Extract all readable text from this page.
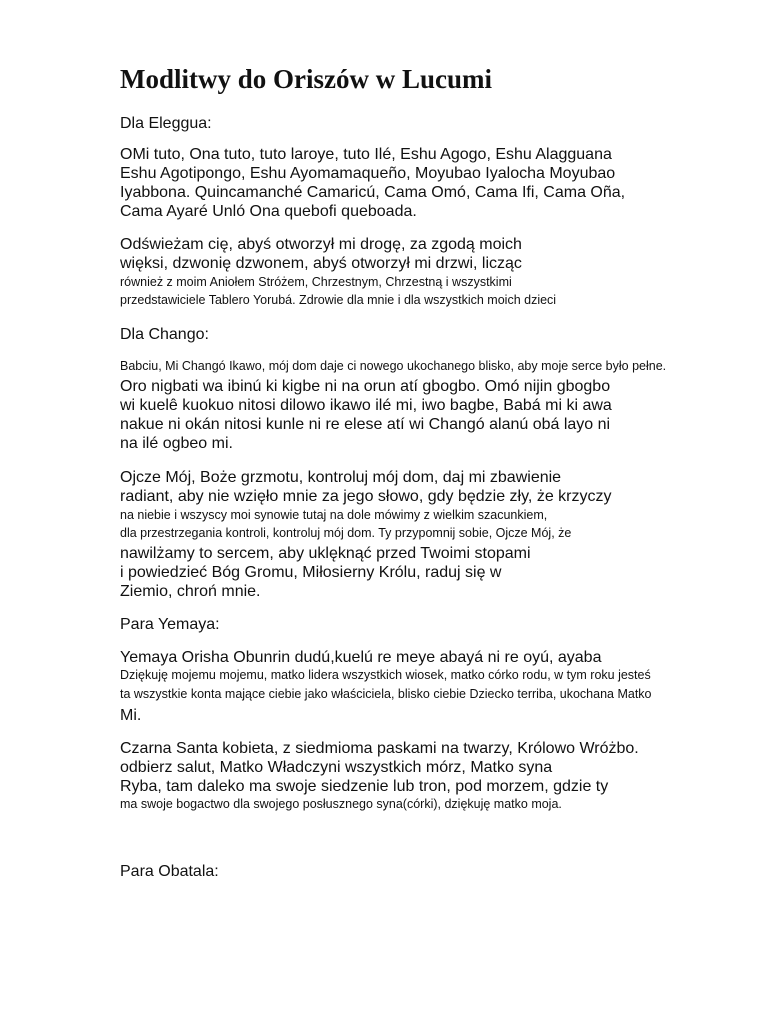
Modlitwy do Oriszów w Lucumi
Dla Eleggua:
OMi tuto, Ona tuto, tuto laroye, tuto Ilé, Eshu Agogo, Eshu Alagguana
Eshu Agotipongo, Eshu Ayomamaqueño, Moyubao Iyalocha Moyubao
Iyabbona. Quincamanché Camaricú, Cama Omó, Cama Ifi, Cama Oña,
Cama Ayaré Unló Ona quebofi queboada.
Odświeżam cię, abyś otworzył mi drogę, za zgodą moich
więksi, dzwonię dzwonem, abyś otworzył mi drzwi, licząc
również z moim Aniołem Stróżem, Chrzestnym, Chrzestną i wszystkimi
przedstawiciele Tablero Yorubá. Zdrowie dla mnie i dla wszystkich moich dzieci
Dla Chango:
Babciu, Mi Changó Ikawo, mój dom daje ci nowego ukochanego blisko, aby moje serce było pełne.
Oro nigbati wa ibinú ki kigbe ni na orun atí gbogbo. Omó nijin gbogbo
wi kuelê kuokuo nitosi dilowo ikawo ilé mi, iwo bagbe, Babá mi ki awa
nakue ni okán nitosi kunle ni re elese atí wi Changó alanú obá layo ni
na ilé ogbeo mi.
Ojcze Mój, Boże grzmotu, kontroluj mój dom, daj mi zbawienie
radiant, aby nie wzięło mnie za jego słowo, gdy będzie zły, że krzyczy
na niebie i wszyscy moi synowie tutaj na dole mówimy z wielkim szacunkiem,
dla przestrzegania kontroli, kontroluj mój dom. Ty przypomnij sobie, Ojcze Mój, że
nawilżamy to sercem, aby uklęknąć przed Twoimi stopami
i powiedzieć Bóg Gromu, Miłosierny Królu, raduj się w
Ziemio, chroń mnie.
Para Yemaya:
Yemaya Orisha Obunrin dudú,kuelú re meye abayá ni re oyú, ayaba
Dziękuję mojemu mojemu, matko lidera wszystkich wiosek, matko córko rodu, w tym roku jesteś
ta wszystkie konta mające ciebie jako właściciela, blisko ciebie Dziecko terriba, ukochana Matko
Mi.
Czarna Santa kobieta, z siedmioma paskami na twarzy, Królowo Wróżbo.
odbierz salut, Matko Władczyni wszystkich mórz, Matko syna
Ryba, tam daleko ma swoje siedzenie lub tron, pod morzem, gdzie ty
ma swoje bogactwo dla swojego posłusznego syna(córki), dziękuję matko moja.
Para Obatala:
